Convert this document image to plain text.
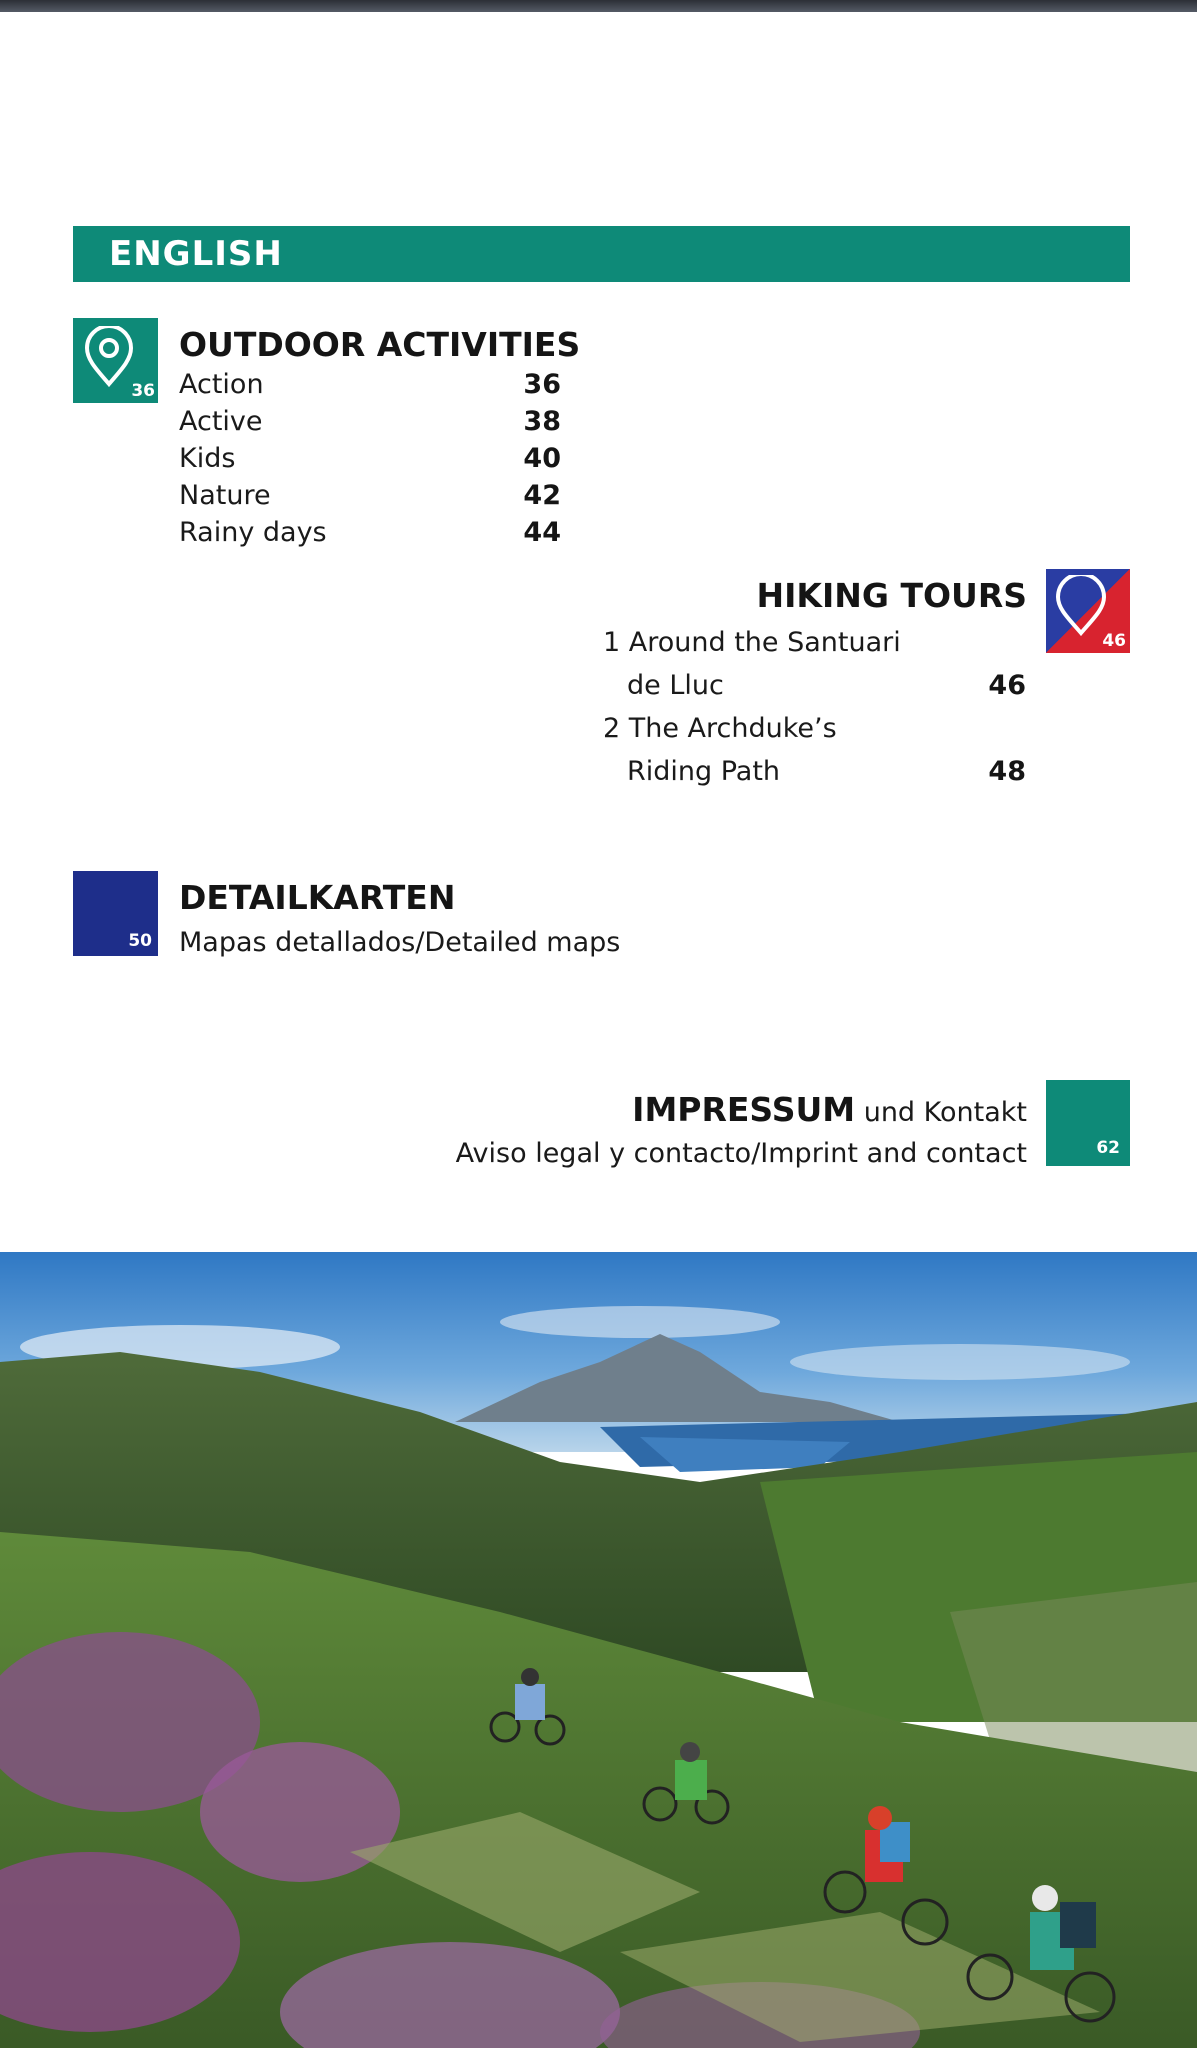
ENGLISH
36
OUTDOOR ACTIVITIES
Action	36
Active	38
Kids	40
Nature	42
Rainy days	44
HIKING TOURS
46
1 Around the Santuari
de Lluc	46
2 The Archduke’s
Riding Path	48
50
DETAILKARTEN
Mapas detallados/Detailed maps
IMPRESSUM und Kontakt
Aviso legal y contacto/Imprint and contact	62
